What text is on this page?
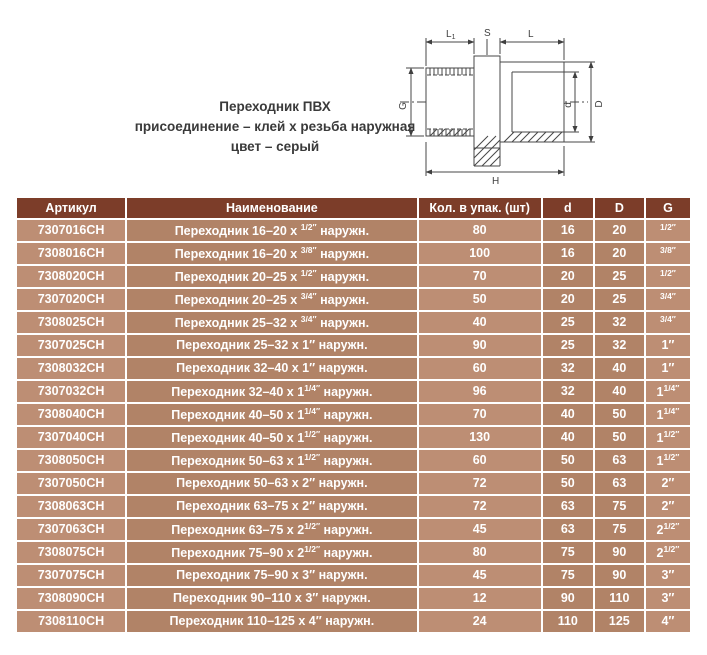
Переходник ПВХ
присоединение – клей х резьба наружная
цвет – серый
$L_1$	S	L
G	d D
H
Артикул	Наименование	Кол. в упак. (шт)	d	D	G
7307016CH	Переходник 16–20 х $^{1/2''}$ наружн.	80	16	20	$^{1/2''}$
7308016CH	Переходник 16–20 х $^{3/8''}$ наружн.	100	16	20	$^{3/8''}$
7308020CH	Переходник 20–25 х $^{1/2''}$ наружн.	70	20	25	$^{1/2''}$
7307020CH	Переходник 20–25 х $^{3/4''}$ наружн.	50	20	25	$^{3/4''}$
7308025CH	Переходник 25–32 х $^{3/4''}$ наружн.	40	25	32	$^{3/4''}$
7307025CH	Переходник 25–32 х 1″ наружн.	90	25	32	1″
7308032CH	Переходник 32–40 х 1″ наружн.	60	32	40	1″
7307032CH	Переходник 32–40 х $1^{1/4''}$ наружн.	96	32	40	$1^{1/4''}$
7308040CH	Переходник 40–50 х $1^{1/4''}$ наружн.	70	40	50	$1^{1/4''}$
7307040CH	Переходник 40–50 х $1^{1/2''}$ наружн.	130	40	50	$1^{1/2''}$
7308050CH	Переходник 50–63 х $1^{1/2''}$ наружн.	60	50	63	$1^{1/2''}$
7307050CH	Переходник 50–63 х 2″ наружн.	72	50	63	2″
7308063CH	Переходник 63–75 х 2″ наружн.	72	63	75	2″
7307063CH	Переходник 63–75 х $2^{1/2''}$ наружн.	45	63	75	$2^{1/2''}$
7308075CH	Переходник 75–90 х $2^{1/2''}$ наружн.	80	75	90	$2^{1/2''}$
7307075CH	Переходник 75–90 х 3″ наружн.	45	75	90	3″
7308090CH	Переходник 90–110 х 3″ наружн.	12	90	110	3″
7308110CH	Переходник 110–125 х 4″ наружн.	24	110	125	4″
